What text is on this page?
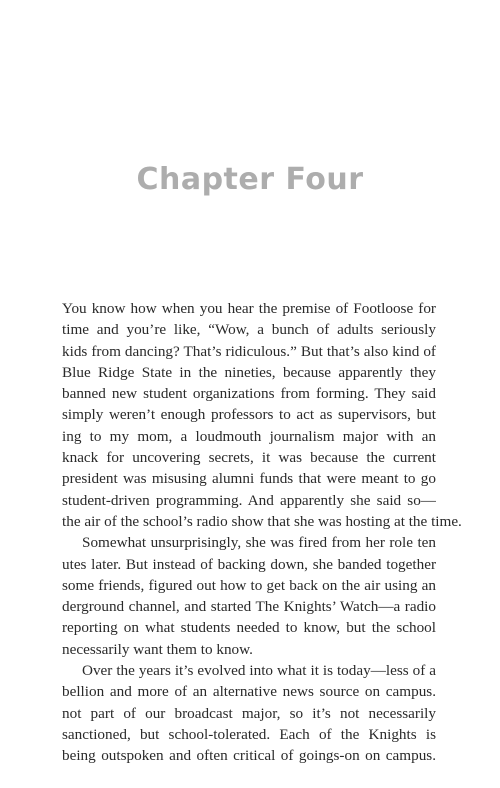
Chapter Four
You know how when you hear the premise of Footloose for
time and you’re like, “Wow, a bunch of adults seriously
kids from dancing? That’s ridiculous.” But that’s also kind of
Blue Ridge State in the nineties, because apparently they
banned new student organizations from forming. They said
simply weren’t enough professors to act as supervisors, but
ing to my mom, a loudmouth journalism major with an
knack for uncovering secrets, it was because the current
president was misusing alumni funds that were meant to go
student-driven programming. And apparently she said so—
the air of the school’s radio show that she was hosting at the time.
Somewhat unsurprisingly, she was fired from her role ten
utes later. But instead of backing down, she banded together
some friends, figured out how to get back on the air using an
derground channel, and started The Knights’ Watch—a radio
reporting on what students needed to know, but the school
necessarily want them to know.
Over the years it’s evolved into what it is today—less of a
bellion and more of an alternative news source on campus.
not part of our broadcast major, so it’s not necessarily
sanctioned, but school-tolerated. Each of the Knights is
being outspoken and often critical of goings-on on campus.
